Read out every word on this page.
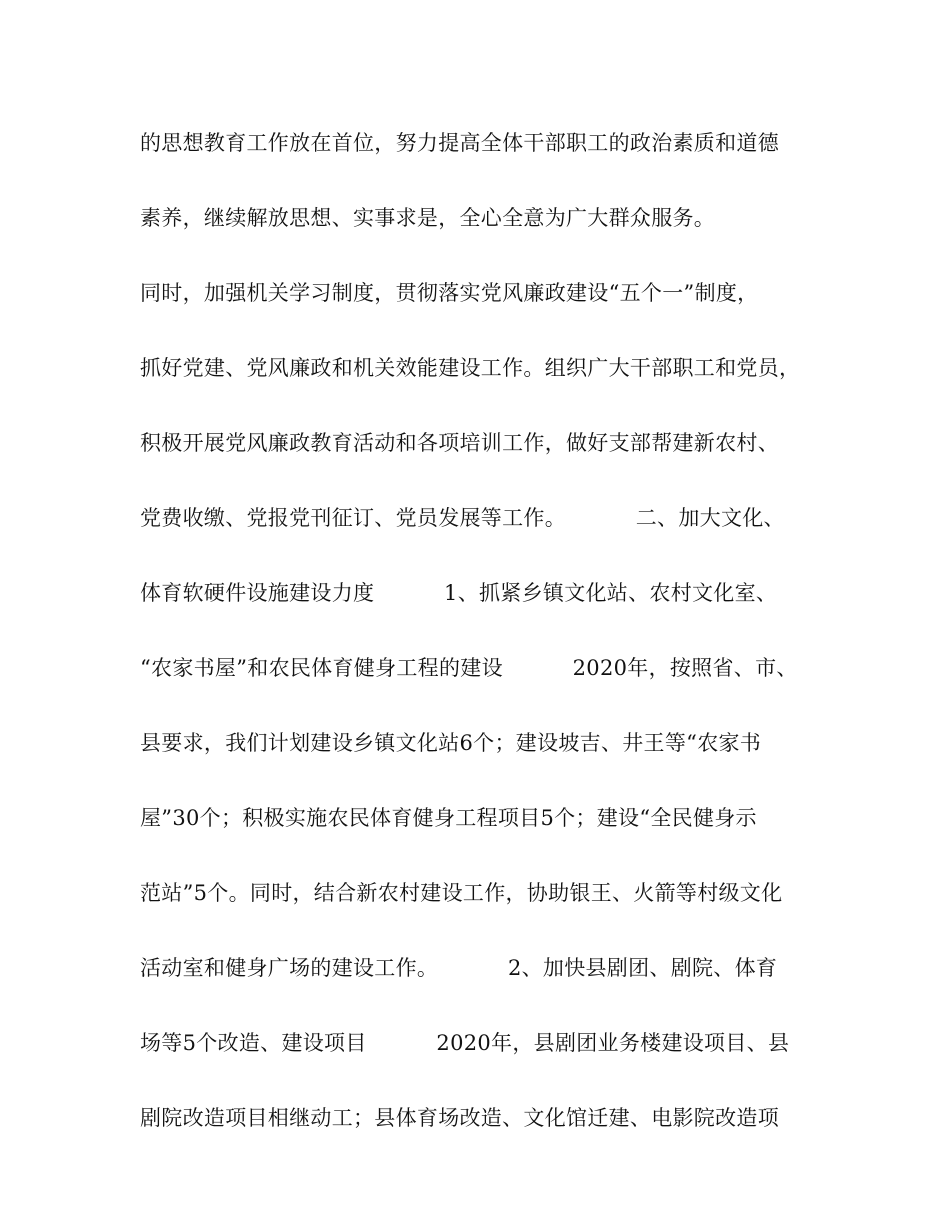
的思想教育工作放在首位，努力提高全体干部职工的政治素质和道德
素养，继续解放思想、实事求是，全心全意为广大群众服务。
同时，加强机关学习制度，贯彻落实党风廉政建设“五个一”制度，
抓好党建、党风廉政和机关效能建设工作。组织广大干部职工和党员，
积极开展党风廉政教育活动和各项培训工作，做好支部帮建新农村、
党费收缴、党报党刊征订、党员发展等工作。          二、加大文化、
体育软硬件设施建设力度          1、抓紧乡镇文化站、农村文化室、
“农家书屋”和农民体育健身工程的建设          2020年，按照省、市、
县要求，我们计划建设乡镇文化站6个；建设坡吉、井王等“农家书
屋”30个；积极实施农民体育健身工程项目5个；建设“全民健身示
范站”5个。同时，结合新农村建设工作，协助银王、火箭等村级文化
活动室和健身广场的建设工作。          2、加快县剧团、剧院、体育
场等5个改造、建设项目          2020年，县剧团业务楼建设项目、县
剧院改造项目相继动工；县体育场改造、文化馆迁建、电影院改造项
